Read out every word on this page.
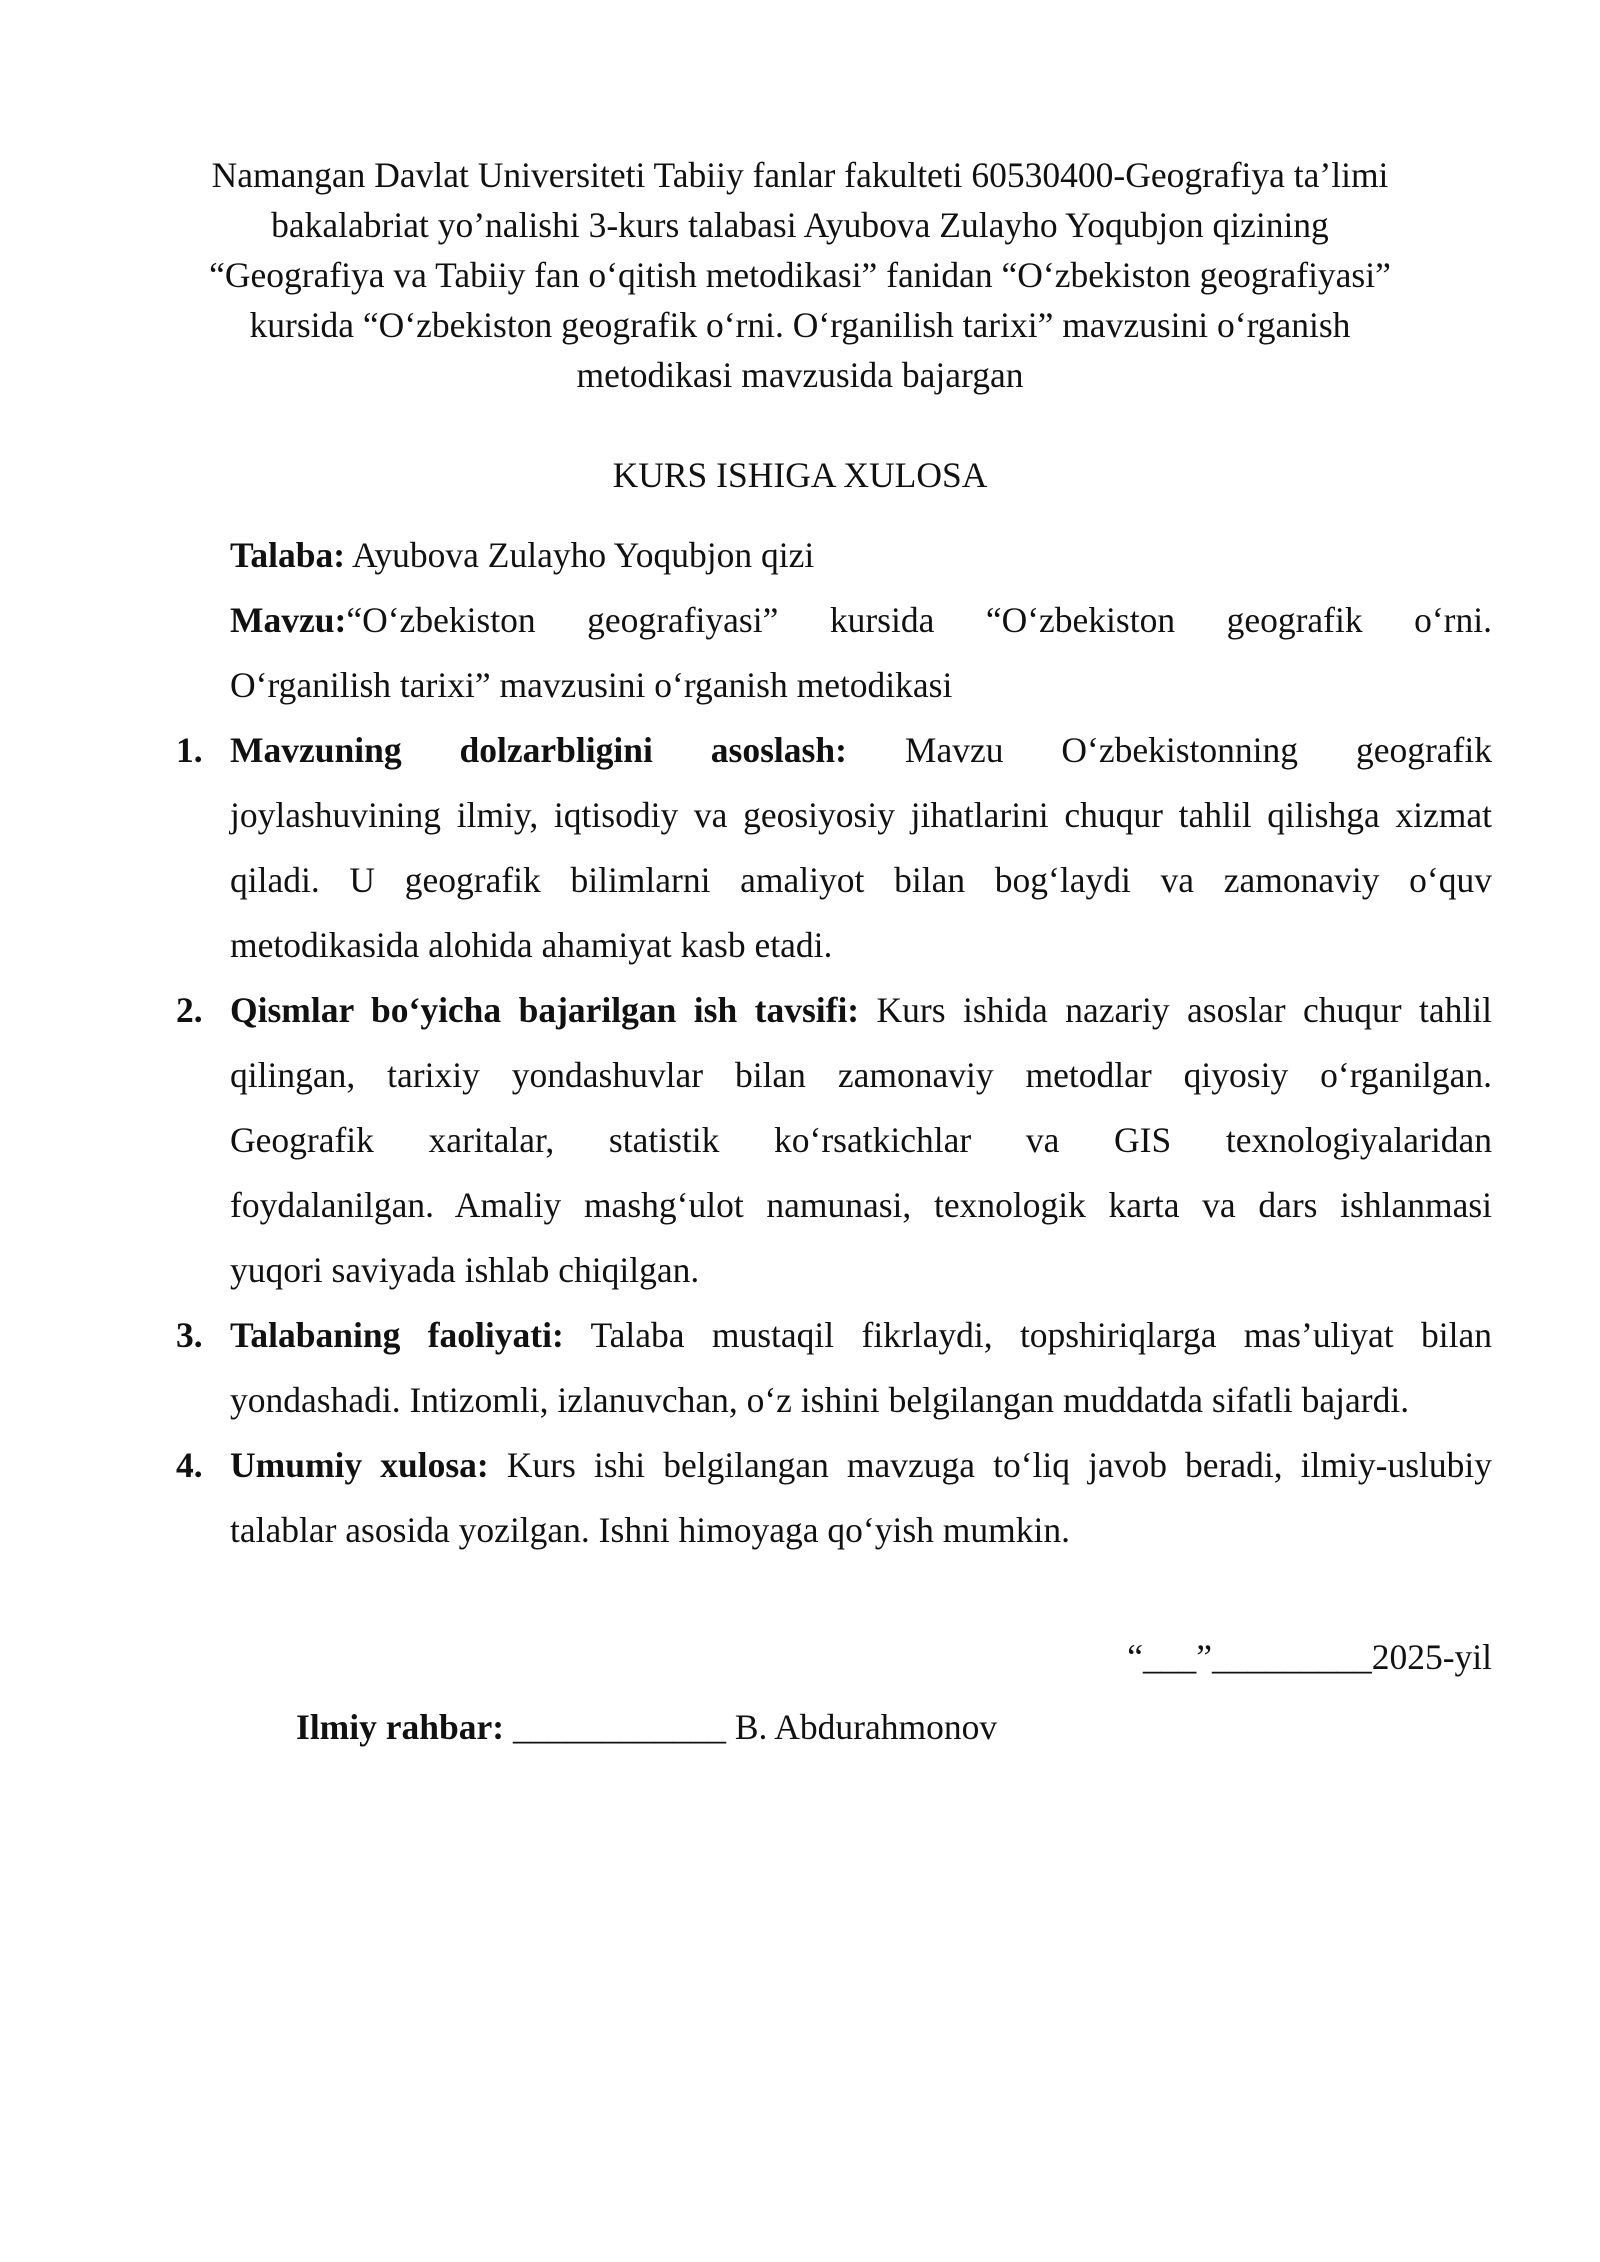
Namangan Davlat Universiteti Tabiiy fanlar fakulteti 60530400-Geografiya ta’limi
bakalabriat yo’nalishi 3-kurs talabasi Ayubova Zulayho Yoqubjon qizining
“Geografiya va Tabiiy fan o‘qitish metodikasi” fanidan “O‘zbekiston geografiyasi”
kursida “O‘zbekiston geografik o‘rni. O‘rganilish tarixi” mavzusini o‘rganish
metodikasi mavzusida bajargan
KURS ISHIGA XULOSA
Talaba: Ayubova Zulayho Yoqubjon qizi
Mavzu:“O‘zbekiston geografiyasi” kursida “O‘zbekiston geografik o‘rni.
O‘rganilish tarixi” mavzusini o‘rganish metodikasi
1. Mavzuning dolzarbligini asoslash: Mavzu O‘zbekistonning geografik
joylashuvining ilmiy, iqtisodiy va geosiyosiy jihatlarini chuqur tahlil qilishga xizmat
qiladi. U geografik bilimlarni amaliyot bilan bog‘laydi va zamonaviy o‘quv
metodikasida alohida ahamiyat kasb etadi.
2. Qismlar bo‘yicha bajarilgan ish tavsifi: Kurs ishida nazariy asoslar chuqur tahlil
qilingan, tarixiy yondashuvlar bilan zamonaviy metodlar qiyosiy o‘rganilgan.
Geografik xaritalar, statistik ko‘rsatkichlar va GIS texnologiyalaridan
foydalanilgan. Amaliy mashg‘ulot namunasi, texnologik karta va dars ishlanmasi
yuqori saviyada ishlab chiqilgan.
3. Talabaning faoliyati: Talaba mustaqil fikrlaydi, topshiriqlarga mas’uliyat bilan
yondashadi. Intizomli, izlanuvchan, o‘z ishini belgilangan muddatda sifatli bajardi.
4. Umumiy xulosa: Kurs ishi belgilangan mavzuga to‘liq javob beradi, ilmiy-uslubiy
talablar asosida yozilgan. Ishni himoyaga qo‘yish mumkin.
“___”_________2025-yil
Ilmiy rahbar: ____________ B. Abdurahmonov
